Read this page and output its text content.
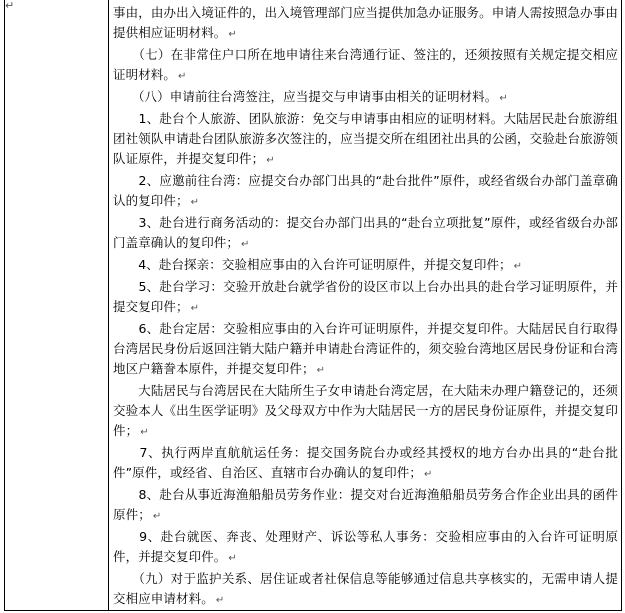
↵	事由，由办出入境证件的，出入境管理部门应当提供加急办证服务。申请人需按照急办事由提供相应证明材料。 ↵

　　（七）在非常住户口所在地申请往来台湾通行证、签注的，还须按照有关规定提交相应证明材料。 ↵

　　（八）申请前往台湾签注，应当提交与申请事由相关的证明材料。 ↵

　　1、赴台个人旅游、团队旅游：免交与申请事由相应的证明材料。大陆居民赴台旅游组团社领队申请赴台团队旅游多次签注的，应当提交所在组团社出具的公函，交验赴台旅游领队证原件，并提交复印件； ↵

　　2、应邀前往台湾：应提交台办部门出具的“赴台批件”原件，或经省级台办部门盖章确认的复印件； ↵

　　3、赴台进行商务活动的：提交台办部门出具的“赴台立项批复”原件，或经省级台办部门盖章确认的复印件； ↵

　　4、赴台探亲：交验相应事由的入台许可证明原件，并提交复印件； ↵

　　5、赴台学习：交验开放赴台就学省份的设区市以上台办出具的赴台学习证明原件，并提交复印件； ↵

　　6、赴台定居：交验相应事由的入台许可证明原件，并提交复印件。大陆居民自行取得台湾居民身份后返回注销大陆户籍并申请赴台湾证件的，须交验台湾地区居民身份证和台湾地区户籍誊本原件，并提交复印件； ↵

　　大陆居民与台湾居民在大陆所生子女申请赴台湾定居，在大陆未办理户籍登记的，还须交验本人《出生医学证明》及父母双方中作为大陆居民一方的居民身份证原件，并提交复印件； ↵

　　7、执行两岸直航航运任务：提交国务院台办或经其授权的地方台办出具的“赴台批件”原件，或经省、自治区、直辖市台办确认的复印件； ↵

　　8、赴台从事近海渔船船员劳务作业：提交对台近海渔船船员劳务合作企业出具的函件原件； ↵

　　9、赴台就医、奔丧、处理财产、诉讼等私人事务：交验相应事由的入台许可证明原件，并提交复印件。 ↵

　　（九）对于监护关系、居住证或者社保信息等能够通过信息共享核实的，无需申请人提交相应申请材料。 ↵
